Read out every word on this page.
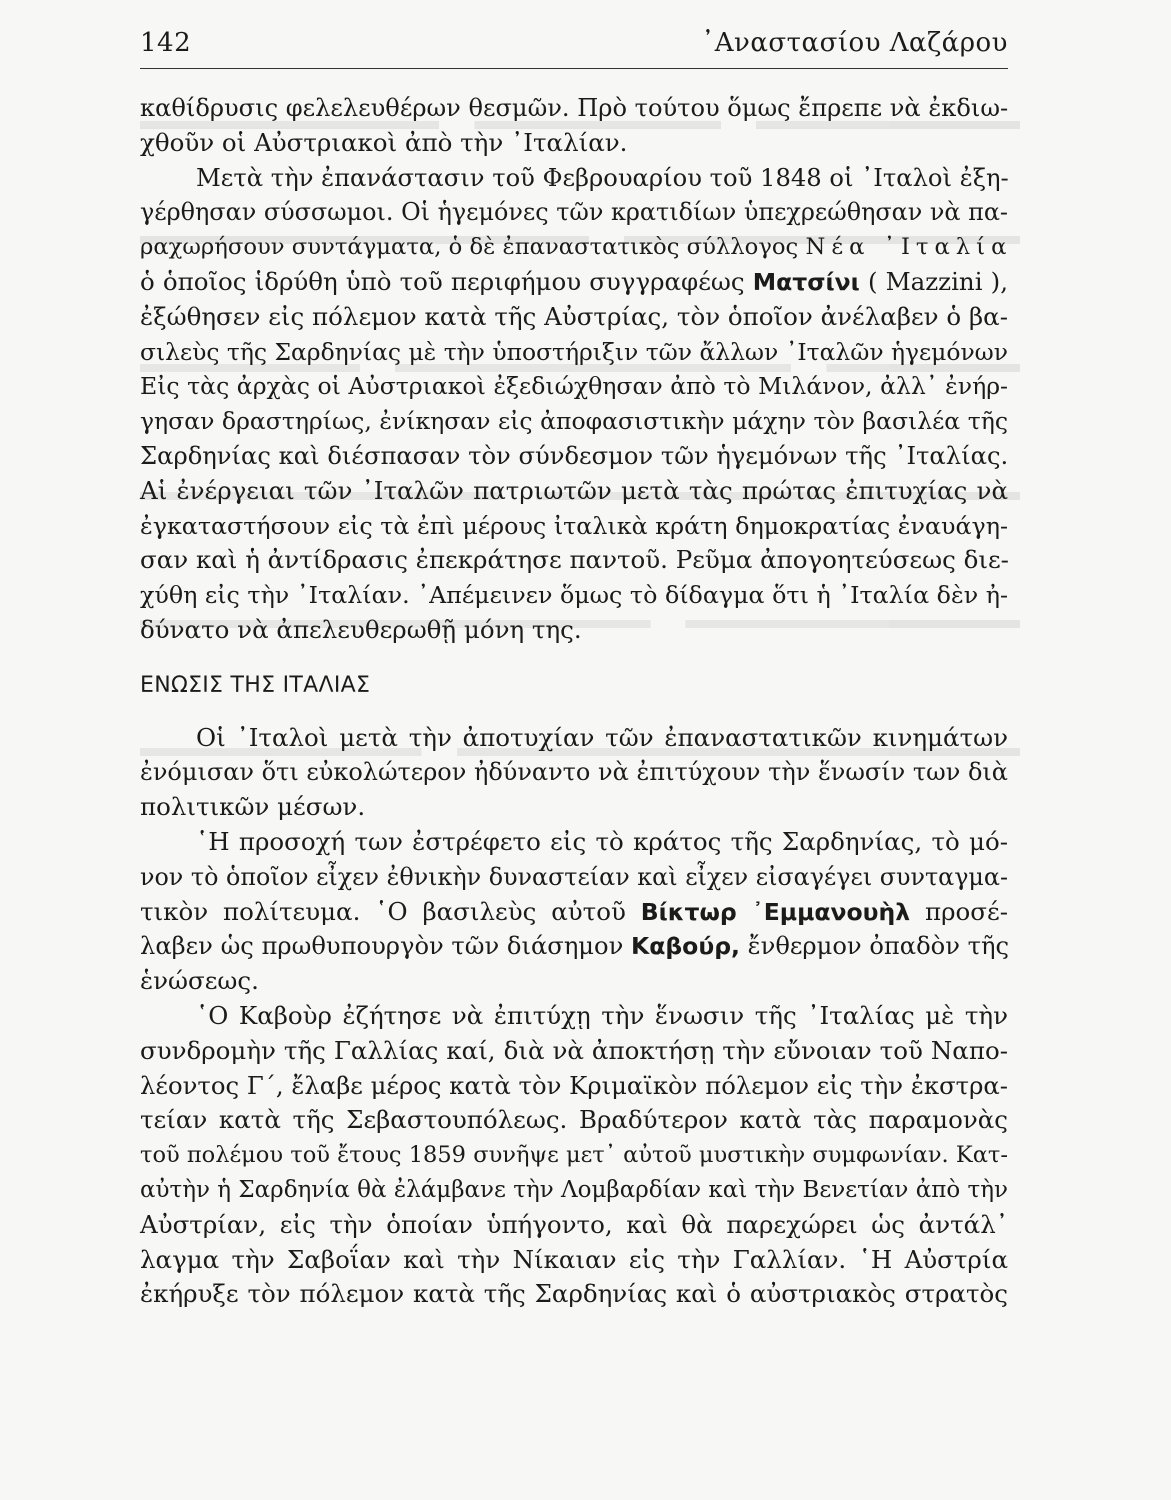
142	᾿Αναστασίου Λαζάρου
καθίδρυσις φελελευθέρων θεσμῶν. Πρὸ τούτου ὅμως ἔπρεπε νὰ ἐκδιω-
χθοῦν οἱ Αὐστριακοὶ ἀπὸ τὴν ᾿Ιταλίαν.
Μετὰ τὴν ἐπανάστασιν τοῦ Φεβρουαρίου τοῦ 1848 οἱ ᾿Ιταλοὶ ἐξη-
γέρθησαν σύσσωμοι. Οἱ ἡγεμόνες τῶν κρατιδίων ὑπεχρεώθησαν νὰ πα-
ραχωρήσουν συντάγματα, ὁ δὲ ἐπαναστατικὸς σύλλογος Νέα ᾿Ιταλία
ὁ ὁποῖος ἱδρύθη ὑπὸ τοῦ περιφήμου συγγραφέως Ματσίνι ( Mazzini ),
ἐξώθησεν εἰς πόλεμον κατὰ τῆς Αὐστρίας, τὸν ὁποῖον ἀνέλαβεν ὁ βα-
σιλεὺς τῆς Σαρδηνίας μὲ τὴν ὑποστήριξιν τῶν ἄλλων ᾿Ιταλῶν ἡγεμόνων
Εἰς τὰς ἀρχὰς οἱ Αὐστριακοὶ ἐξεδιώχθησαν ἀπὸ τὸ Μιλάνον, ἀλλ᾿ ἐνήρ-
γησαν δραστηρίως, ἐνίκησαν εἰς ἀποφασιστικὴν μάχην τὸν βασιλέα τῆς
Σαρδηνίας καὶ διέσπασαν τὸν σύνδεσμον τῶν ἡγεμόνων τῆς ᾿Ιταλίας.
Αἱ ἐνέργειαι τῶν ᾿Ιταλῶν πατριωτῶν μετὰ τὰς πρώτας ἐπιτυχίας νὰ
ἐγκαταστήσουν εἰς τὰ ἐπὶ μέρους ἰταλικὰ κράτη δημοκρατίας ἐναυάγη-
σαν καὶ ἡ ἀντίδρασις ἐπεκράτησε παντοῦ. Ρεῦμα ἀπογοητεύσεως διε-
χύθη εἰς τὴν ᾿Ιταλίαν. ᾿Απέμεινεν ὅμως τὸ δίδαγμα ὅτι ἡ ᾿Ιταλία δὲν ἠ-
δύνατο νὰ ἀπελευθερωθῇ μόνη της.
ΕΝΩΣΙΣ ΤΗΣ ΙΤΑΛΙΑΣ
Οἱ ᾿Ιταλοὶ μετὰ τὴν ἀποτυχίαν τῶν ἐπαναστατικῶν κινημάτων
ἐνόμισαν ὅτι εὐκολώτερον ἠδύναντο νὰ ἐπιτύχουν τὴν ἕνωσίν των διὰ
πολιτικῶν μέσων.
῾Η προσοχή των ἐστρέφετο εἰς τὸ κράτος τῆς Σαρδηνίας, τὸ μό-
νον τὸ ὁποῖον εἶχεν ἐθνικὴν δυναστείαν καὶ εἶχεν εἰσαγέγει συνταγμα-
τικὸν πολίτευμα. ῾Ο βασιλεὺς αὐτοῦ Βίκτωρ ᾿Εμμανουὴλ προσέ-
λαβεν ὡς πρωθυπουργὸν τῶν διάσημον Καβούρ, ἔνθερμον ὀπαδὸν τῆς
ἑνώσεως.
῾Ο Καβοὺρ ἐζήτησε νὰ ἐπιτύχῃ τὴν ἕνωσιν τῆς ᾿Ιταλίας μὲ τὴν
συνδρομὴν τῆς Γαλλίας καί, διὰ νὰ ἀποκτήσῃ τὴν εὔνοιαν τοῦ Ναπο-
λέοντος Γ΄, ἔλαβε μέρος κατὰ τὸν Κριμαϊκὸν πόλεμον εἰς τὴν ἐκστρα-
τείαν κατὰ τῆς Σεβαστουπόλεως. Βραδύτερον κατὰ τὰς παραμονὰς
τοῦ πολέμου τοῦ ἔτους 1859 συνῆψε μετ᾿ αὐτοῦ μυστικὴν συμφωνίαν. Κατ-
αὐτὴν ἡ Σαρδηνία θὰ ἐλάμβανε τὴν Λομβαρδίαν καὶ τὴν Βενετίαν ἀπὸ τὴν
Αὐστρίαν, εἰς τὴν ὁποίαν ὑπήγοντο, καὶ θὰ παρεχώρει ὡς ἀντάλ᾿
λαγμα τὴν Σαβοΐαν καὶ τὴν Νίκαιαν εἰς τὴν Γαλλίαν. ῾Η Αὐστρία
ἐκήρυξε τὸν πόλεμον κατὰ τῆς Σαρδηνίας καὶ ὁ αὐστριακὸς στρατὸς
